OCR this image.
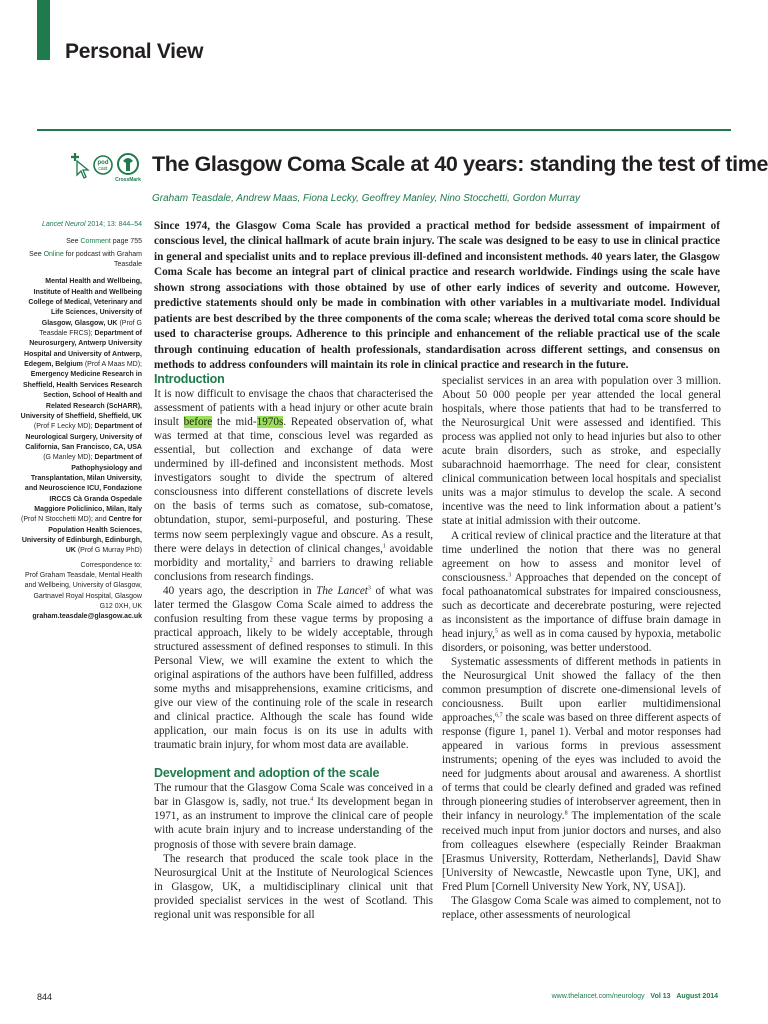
Personal View
pod
cast
CrossMark
The Glasgow Coma Scale at 40 years: standing the test of time
Graham Teasdale, Andrew Maas, Fiona Lecky, Geoffrey Manley, Nino Stocchetti, Gordon Murray

Lancet Neurol 2014; 13: 844–54

See Comment page 755

See Online for podcast with Graham Teasdale

Mental Health and Wellbeing, Institute of Health and Wellbeing College of Medical, Veterinary and Life Sciences, University of Glasgow, Glasgow, UK (Prof G Teasdale FRCS); Department of Neurosurgery, Antwerp University Hospital and University of Antwerp, Edegem, Belgium (Prof A Maas MD); Emergency Medicine Research in Sheffield, Health Services Research Section, School of Health and Related Research (ScHARR), University of Sheffield, Sheffield, UK (Prof F Lecky MD); Department of Neurological Surgery, University of California, San Francisco, CA, USA (G Manley MD); Department of Pathophysiology and Transplantation, Milan University, and Neuroscience ICU, Fondazione IRCCS Cà Granda Ospedale Maggiore Policlinico, Milan, Italy (Prof N Stocchetti MD); and Centre for Population Health Sciences, University of Edinburgh, Edinburgh, UK (Prof G Murray PhD)

Correspondence to:
Prof Graham Teasdale, Mental Health and Wellbeing, University of Glasgow, Gartnavel Royal Hospital, Glasgow G12 0XH, UK
graham.teasdale@glasgow.ac.uk

Since 1974, the Glasgow Coma Scale has provided a practical method for bedside assessment of impairment of conscious level, the clinical hallmark of acute brain injury. The scale was designed to be easy to use in clinical practice in general and specialist units and to replace previous ill-defined and inconsistent methods. 40 years later, the Glasgow Coma Scale has become an integral part of clinical practice and research worldwide. Findings using the scale have shown strong associations with those obtained by use of other early indices of severity and outcome. However, predictive statements should only be made in combination with other variables in a multivariate model. Individual patients are best described by the three components of the coma scale; whereas the derived total coma score should be used to characterise groups. Adherence to this principle and enhancement of the reliable practical use of the scale through continuing education of health professionals, standardisation across different settings, and consensus on methods to address confounders will maintain its role in clinical practice and research in the future.

Introduction

It is now difficult to envisage the chaos that characterised the assessment of patients with a head injury or other acute brain insult before the mid-1970s. Repeated observation of, what was termed at that time, conscious level was regarded as essential, but collection and exchange of data were undermined by ill-defined and inconsistent methods. Most investigators sought to divide the spectrum of altered consciousness into different constellations of discrete levels on the basis of terms such as comatose, sub-comatose, obtundation, stupor, semi-purposeful, and posturing. These terms now seem perplexingly vague and obscure. As a result, there were delays in detection of clinical changes,$^1$ avoidable morbidity and mortality,$^2$ and barriers to drawing reliable conclusions from research findings.

40 years ago, the description in The Lancet$^3$ of what was later termed the Glasgow Coma Scale aimed to address the confusion resulting from these vague terms by proposing a practical approach, likely to be widely acceptable, through structured assessment of defined responses to stimuli. In this Personal View, we will examine the extent to which the original aspirations of the authors have been fulfilled, address some myths and misapprehensions, examine criticisms, and give our view of the continuing role of the scale in research and clinical practice. Although the scale has found wide application, our main focus is on its use in adults with traumatic brain injury, for whom most data are available.

Development and adoption of the scale

The rumour that the Glasgow Coma Scale was conceived in a bar in Glasgow is, sadly, not true.$^4$ Its development began in 1971, as an instrument to improve the clinical care of people with acute brain injury and to increase understanding of the prognosis of those with severe brain damage.

The research that produced the scale took place in the Neurosurgical Unit at the Institute of Neurological Sciences in Glasgow, UK, a multidisciplinary clinical unit that provided specialist services in the west of Scotland. This regional unit was responsible for all

specialist services in an area with population over 3 million. About 50 000 people per year attended the local general hospitals, where those patients that had to be transferred to the Neurosurgical Unit were assessed and identified. This process was applied not only to head injuries but also to other acute brain disorders, such as stroke, and especially subarachnoid haemorrhage. The need for clear, consistent clinical communication between local hospitals and specialist units was a major stimulus to develop the scale. A second incentive was the need to link information about a patient’s state at initial admission with their outcome.

A critical review of clinical practice and the literature at that time underlined the notion that there was no general agreement on how to assess and monitor level of consciousness.$^3$ Approaches that depended on the concept of focal pathoanatomical substrates for impaired consciousness, such as decorticate and decerebrate posturing, were rejected as inconsistent as the importance of diffuse brain damage in head injury,$^5$ as well as in coma caused by hypoxia, metabolic disorders, or poisoning, was better understood.

Systematic assessments of different methods in patients in the Neurosurgical Unit showed the fallacy of the then common presumption of discrete one-dimensional levels of conciousness. Built upon earlier multidimensional approaches,$^{6,7}$ the scale was based on three different aspects of response (figure 1, panel 1). Verbal and motor responses had appeared in various forms in previous assessment instruments; opening of the eyes was included to avoid the need for judgments about arousal and awareness. A shortlist of terms that could be clearly defined and graded was refined through pioneering studies of interobserver agreement, then in their infancy in neurology.$^8$ The implementation of the scale received much input from junior doctors and nurses, and also from colleagues elsewhere (especially Reinder Braakman [Erasmus University, Rotterdam, Netherlands], David Shaw [University of Newcastle, Newcastle upon Tyne, UK], and Fred Plum [Cornell University New York, NY, USA]).

The Glasgow Coma Scale was aimed to complement, not to replace, other assessments of neurological

844	www.thelancet.com/neurology Vol 13 August 2014
